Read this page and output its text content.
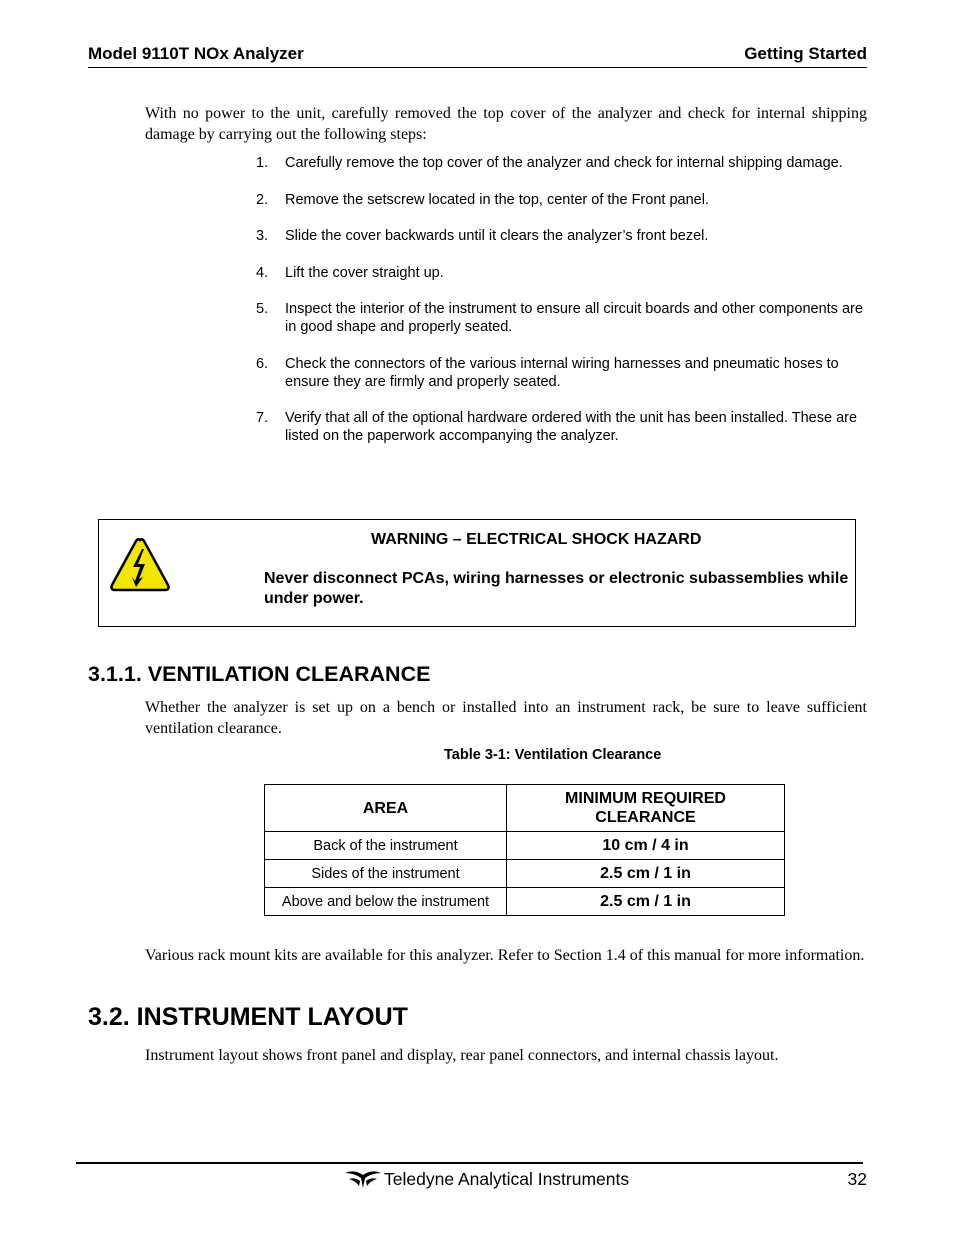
Model 9110T NOx Analyzer	Getting Started
With no power to the unit, carefully removed the top cover of the analyzer and check for internal shipping damage by carrying out the following steps:
1. Carefully remove the top cover of the analyzer and check for internal shipping damage.
2. Remove the setscrew located in the top, center of the Front panel.
3. Slide the cover backwards until it clears the analyzer’s front bezel.
4. Lift the cover straight up.
5. Inspect the interior of the instrument to ensure all circuit boards and other components are in good shape and properly seated.
6. Check the connectors of the various internal wiring harnesses and pneumatic hoses to ensure they are firmly and properly seated.
7. Verify that all of the optional hardware ordered with the unit has been installed. These are listed on the paperwork accompanying the analyzer.
WARNING – ELECTRICAL SHOCK HAZARD
Never disconnect PCAs, wiring harnesses or electronic subassemblies while under power.
3.1.1. VENTILATION CLEARANCE
Whether the analyzer is set up on a bench or installed into an instrument rack, be sure to leave sufficient ventilation clearance.
Table 3-1: Ventilation Clearance
AREA	MINIMUM REQUIRED CLEARANCE
Back of the instrument	10 cm / 4 in
Sides of the instrument	2.5 cm / 1 in
Above and below the instrument	2.5 cm / 1 in
Various rack mount kits are available for this analyzer. Refer to Section 1.4 of this manual for more information.
3.2. INSTRUMENT LAYOUT
Instrument layout shows front panel and display, rear panel connectors, and internal chassis layout.
Teledyne Analytical Instruments	32
